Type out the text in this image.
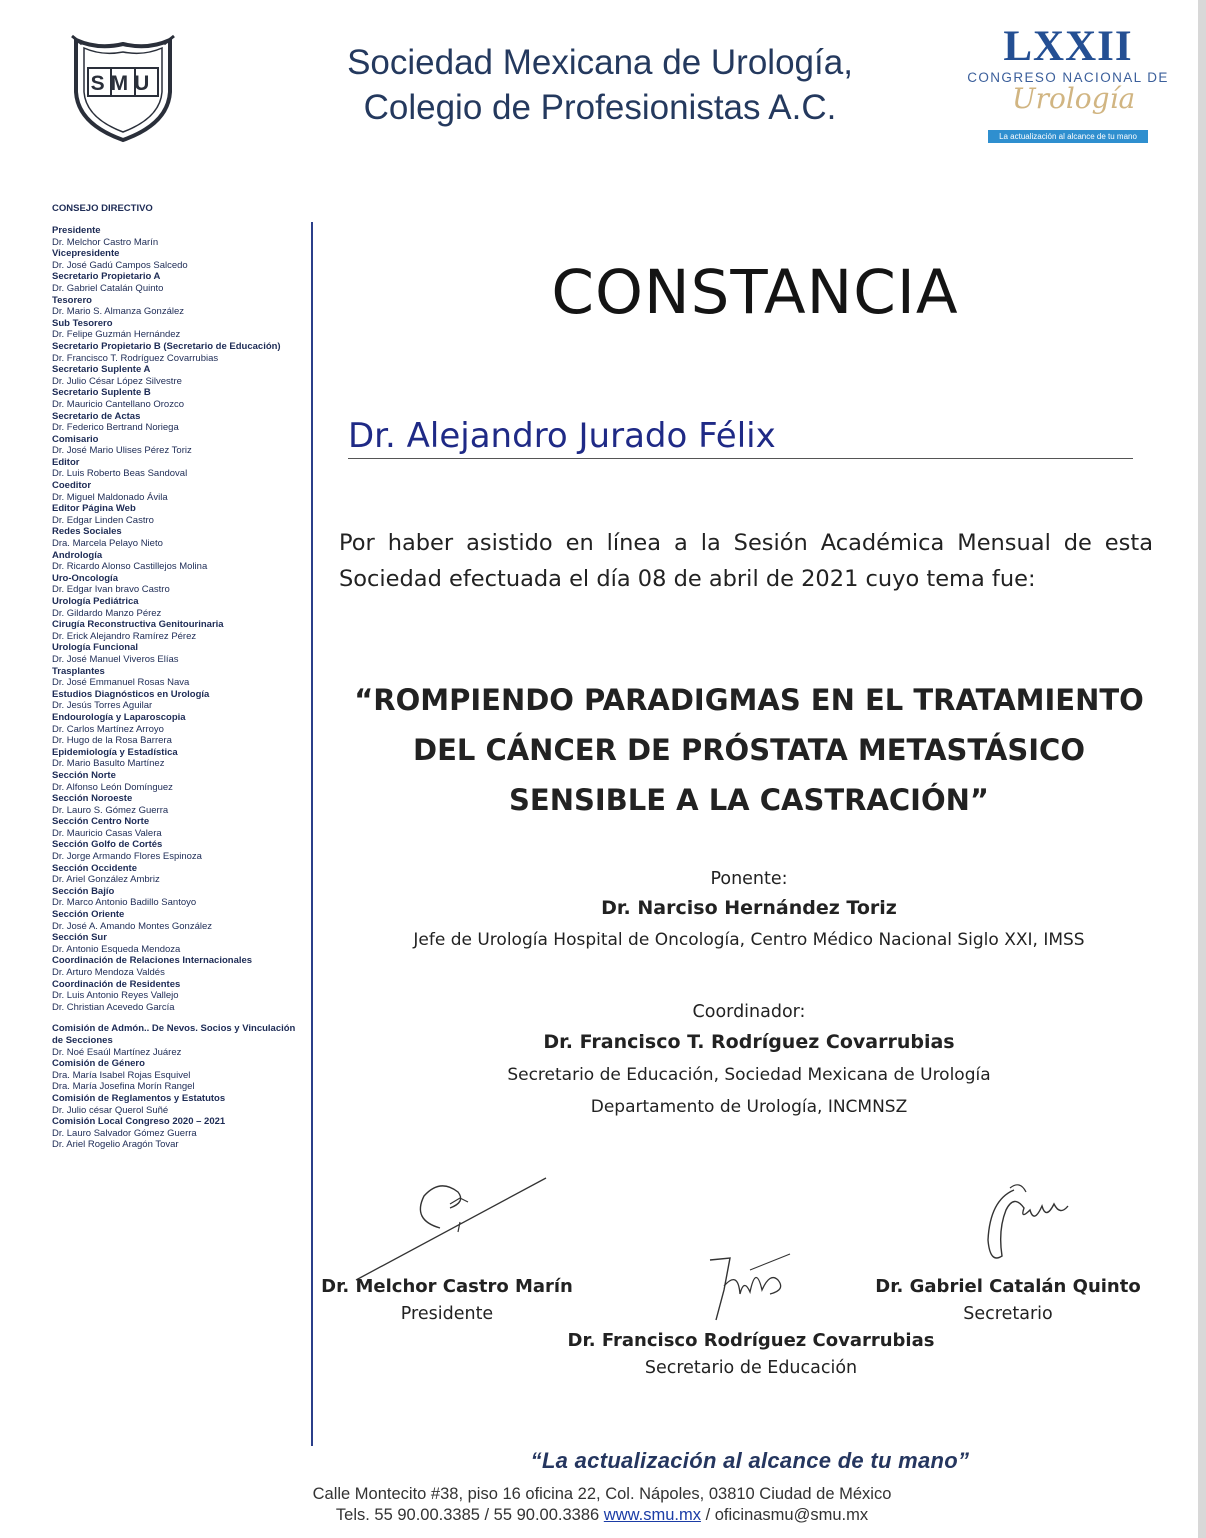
SMU
Sociedad Mexicana de Urología,
Colegio de Profesionistas A.C.
LXXII
CONGRESO NACIONAL DE
Urología
La actualización al alcance de tu mano
CONSEJO DIRECTIVO
Presidente
Dr. Melchor Castro Marín
Vicepresidente
Dr. José Gadú Campos Salcedo
Secretario Propietario A
Dr. Gabriel Catalán Quinto
Tesorero
Dr. Mario S. Almanza González
Sub Tesorero
Dr. Felipe Guzmán Hernández
Secretario Propietario B (Secretario de Educación)
Dr. Francisco T. Rodríguez Covarrubias
Secretario Suplente A
Dr. Julio César López Silvestre
Secretario Suplente B
Dr. Mauricio Cantellano Orozco
Secretario de Actas
Dr. Federico Bertrand Noriega
Comisario
Dr. José Mario Ulises Pérez Toriz
Editor
Dr. Luis Roberto Beas Sandoval
Coeditor
Dr. Miguel Maldonado Ávila
Editor Página Web
Dr. Edgar Linden Castro
Redes Sociales
Dra. Marcela Pelayo Nieto
Andrología
Dr. Ricardo Alonso Castillejos Molina
Uro-Oncología
Dr. Edgar Ivan bravo Castro
Urología Pediátrica
Dr. Gildardo Manzo Pérez
Cirugía Reconstructiva Genitourinaria
Dr. Erick Alejandro Ramírez Pérez
Urología Funcional
Dr. José Manuel Viveros Elías
Trasplantes
Dr. José Emmanuel Rosas Nava
Estudios Diagnósticos en Urología
Dr. Jesús Torres Aguilar
Endourología y Laparoscopia
Dr. Carlos Martínez Arroyo
Dr. Hugo de la Rosa Barrera
Epidemiología y Estadística
Dr. Mario Basulto Martínez
Sección Norte
Dr. Alfonso León Domínguez
Sección Noroeste
Dr. Lauro S. Gómez Guerra
Sección Centro Norte
Dr. Mauricio Casas Valera
Sección Golfo de Cortés
Dr. Jorge Armando Flores Espinoza
Sección Occidente
Dr. Ariel González Ambriz
Sección Bajío
Dr. Marco Antonio Badillo Santoyo
Sección Oriente
Dr. José A. Amando Montes González
Sección Sur
Dr. Antonio Esqueda Mendoza
Coordinación de Relaciones Internacionales
Dr. Arturo Mendoza Valdés
Coordinación de Residentes
Dr. Luis Antonio Reyes Vallejo
Dr. Christian Acevedo García
Comisión de Admón.. De Nevos. Socios y Vinculación de Secciones
Dr. Noé Esaúl Martínez Juárez
Comisión de Género
Dra. María Isabel Rojas Esquivel
Dra. María Josefina Morín Rangel
Comisión de Reglamentos y Estatutos
Dr. Julio césar Querol Suñé
Comisión Local Congreso 2020 – 2021
Dr. Lauro Salvador Gómez Guerra
Dr. Ariel Rogelio Aragón Tovar
CONSTANCIA
Dr. Alejandro Jurado Félix
Por haber asistido en línea a la Sesión Académica Mensual de esta Sociedad efectuada el día 08 de abril de 2021 cuyo tema fue:
“ROMPIENDO PARADIGMAS EN EL TRATAMIENTO
DEL CÁNCER DE PRÓSTATA METASTÁSICO
SENSIBLE A LA CASTRACIÓN”
Ponente:
Dr. Narciso Hernández Toriz
Jefe de Urología Hospital de Oncología, Centro Médico Nacional Siglo XXI, IMSS
Coordinador:
Dr. Francisco T. Rodríguez Covarrubias
Secretario de Educación, Sociedad Mexicana de Urología
Departamento de Urología, INCMNSZ
Dr. Melchor Castro Marín
Presidente
Dr. Francisco Rodríguez Covarrubias
Secretario de Educación
Dr. Gabriel Catalán Quinto
Secretario
“La actualización al alcance de tu mano”
Calle Montecito #38, piso 16 oficina 22, Col. Nápoles, 03810 Ciudad de México
Tels. 55 90.00.3385 / 55 90.00.3386 www.smu.mx / oficinasmu@smu.mx
